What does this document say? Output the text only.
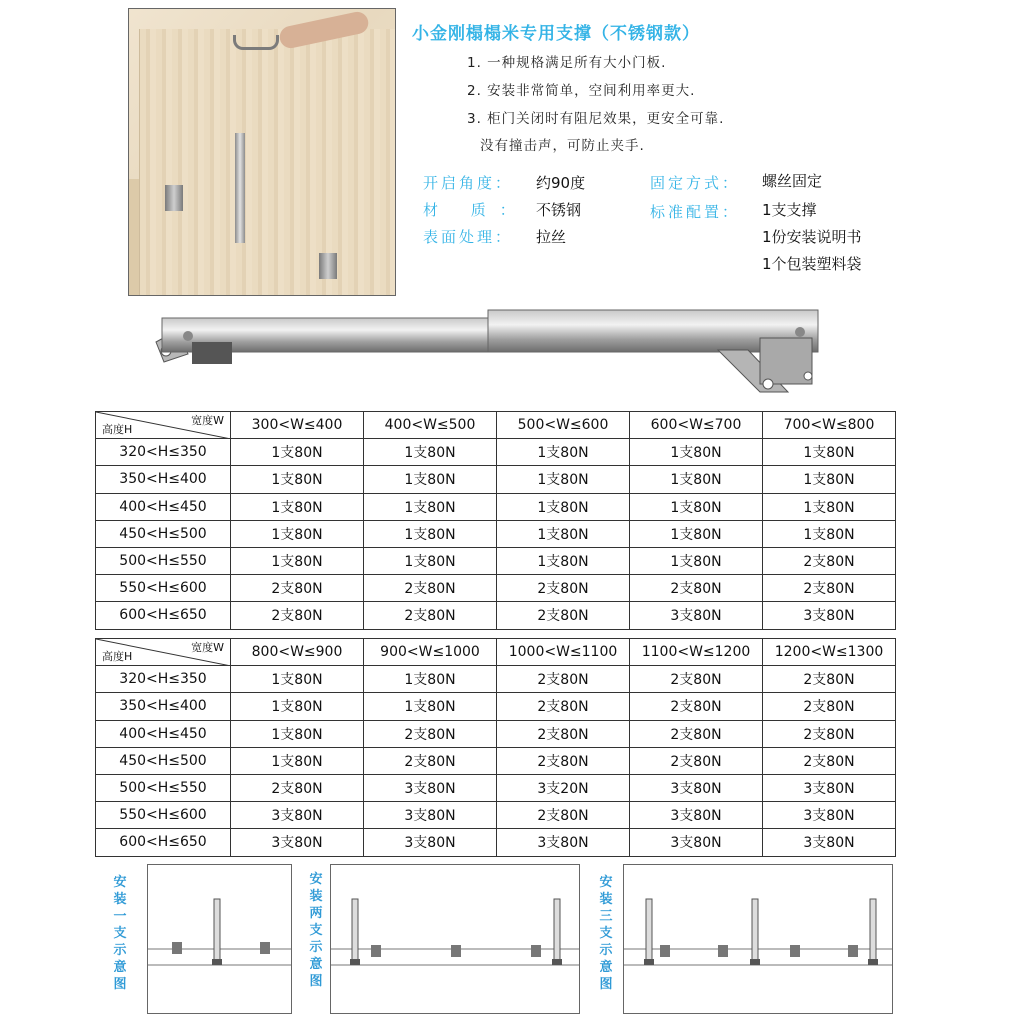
小金刚榻榻米专用支撑（不锈钢款）
1. 一种规格满足所有大小门板.
2. 安装非常简单，空间利用率更大.
3. 柜门关闭时有阻尼效果，更安全可靠.
没有撞击声，可防止夹手.
开启角度： 约90度
材 质： 不锈钢
表面处理： 拉丝
固定方式： 螺丝固定
标准配置： 1支支撑
1份安装说明书
1个包装塑料袋
宽度W
高度H	300<W≤400	400<W≤500	500<W≤600	600<W≤700	700<W≤800
320<H≤350	1支80N	1支80N	1支80N	1支80N	1支80N
350<H≤400	1支80N	1支80N	1支80N	1支80N	1支80N
400<H≤450	1支80N	1支80N	1支80N	1支80N	1支80N
450<H≤500	1支80N	1支80N	1支80N	1支80N	1支80N
500<H≤550	1支80N	1支80N	1支80N	1支80N	2支80N
550<H≤600	2支80N	2支80N	2支80N	2支80N	2支80N
600<H≤650	2支80N	2支80N	2支80N	3支80N	3支80N
宽度W
高度H	800<W≤900	900<W≤1000	1000<W≤1100	1100<W≤1200	1200<W≤1300
320<H≤350	1支80N	1支80N	2支80N	2支80N	2支80N
350<H≤400	1支80N	1支80N	2支80N	2支80N	2支80N
400<H≤450	1支80N	2支80N	2支80N	2支80N	2支80N
450<H≤500	1支80N	2支80N	2支80N	2支80N	2支80N
500<H≤550	2支80N	3支80N	3支20N	3支80N	3支80N
550<H≤600	3支80N	3支80N	2支80N	3支80N	3支80N
600<H≤650	3支80N	3支80N	3支80N	3支80N	3支80N
安装一支示意图
安装两支示意图
安装三支示意图
